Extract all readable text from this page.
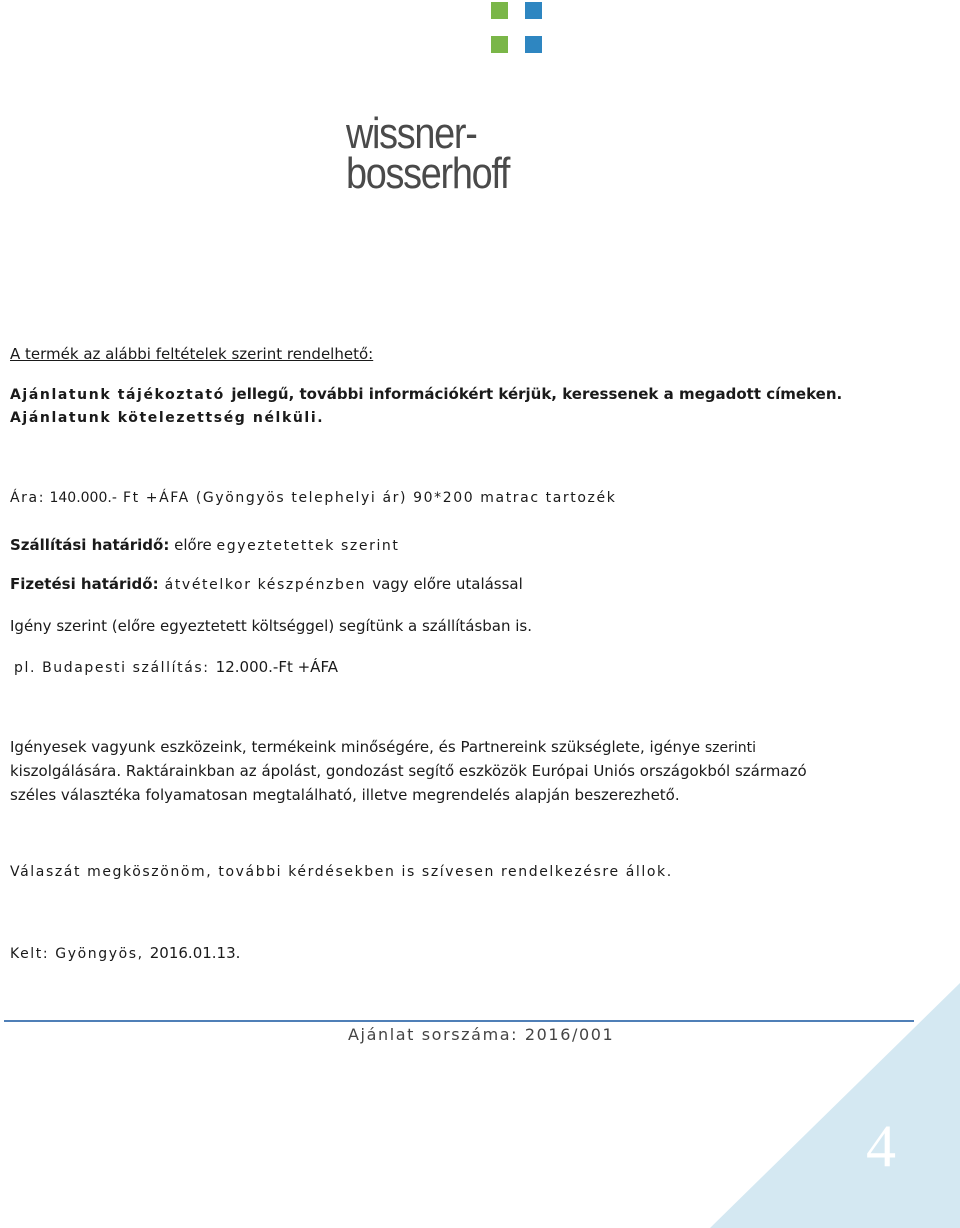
wissner-
bosserhoff
A termék az alábbi feltételek szerint rendelhető:
Ajánlatunk tájékoztató jellegű, további információkért kérjük, keressenek a megadott címeken.
Ajánlatunk kötelezettség nélküli.
Ára: 140.000.- Ft +ÁFA (Gyöngyös telephelyi ár) 90*200 matrac tartozék
Szállítási határidő: előre egyeztetettek szerint
Fizetési határidő: átvételkor készpénzben vagy előre utalással
Igény szerint (előre egyeztetett költséggel) segítünk a szállításban is.
pl. Budapesti szállítás: 12.000.-Ft +ÁFA
Igényesek vagyunk eszközeink, termékeink minőségére, és Partnereink szükséglete, igénye szerinti
kiszolgálására. Raktárainkban az ápolást, gondozást segítő eszközök Európai Uniós országokból származó
széles választéka folyamatosan megtalálható, illetve megrendelés alapján beszerezhető.
Válaszát megköszönöm, további kérdésekben is szívesen rendelkezésre állok.
Kelt: Gyöngyös, 2016.01.13.
Ajánlat sorszáma: 2016/001
4
